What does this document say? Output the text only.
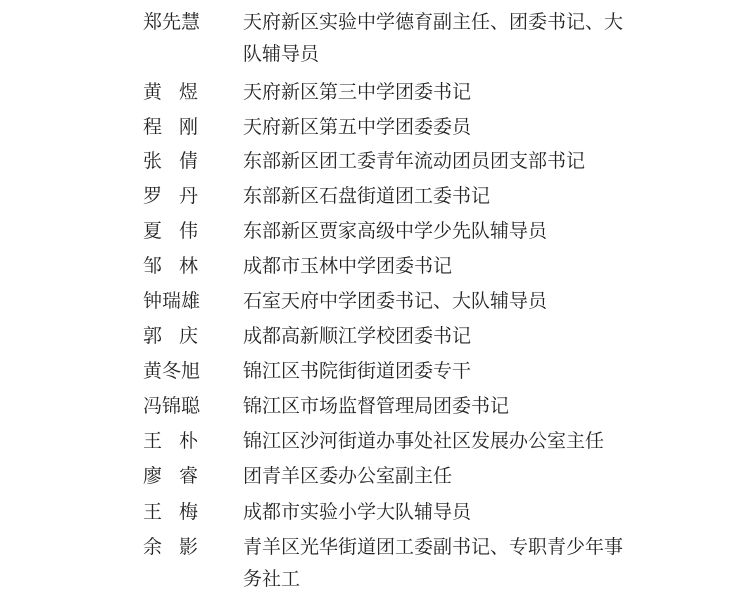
郑先慧	天府新区实验中学德育副主任、团委书记、大
队辅导员
黄煜 天府新区第三中学团委书记
程刚 天府新区第五中学团委委员
张倩 东部新区团工委青年流动团员团支部书记
罗丹 东部新区石盘街道团工委书记
夏伟 东部新区贾家高级中学少先队辅导员
邹林 成都市玉林中学团委书记
钟瑞雄	石室天府中学团委书记、大队辅导员
郭庆 成都高新顺江学校团委书记
黄冬旭	锦江区书院街街道团委专干
冯锦聪	锦江区市场监督管理局团委书记
王朴 锦江区沙河街道办事处社区发展办公室主任
廖睿 团青羊区委办公室副主任
王梅 成都市实验小学大队辅导员
余影 青羊区光华街道团工委副书记、专职青少年事
务社工
